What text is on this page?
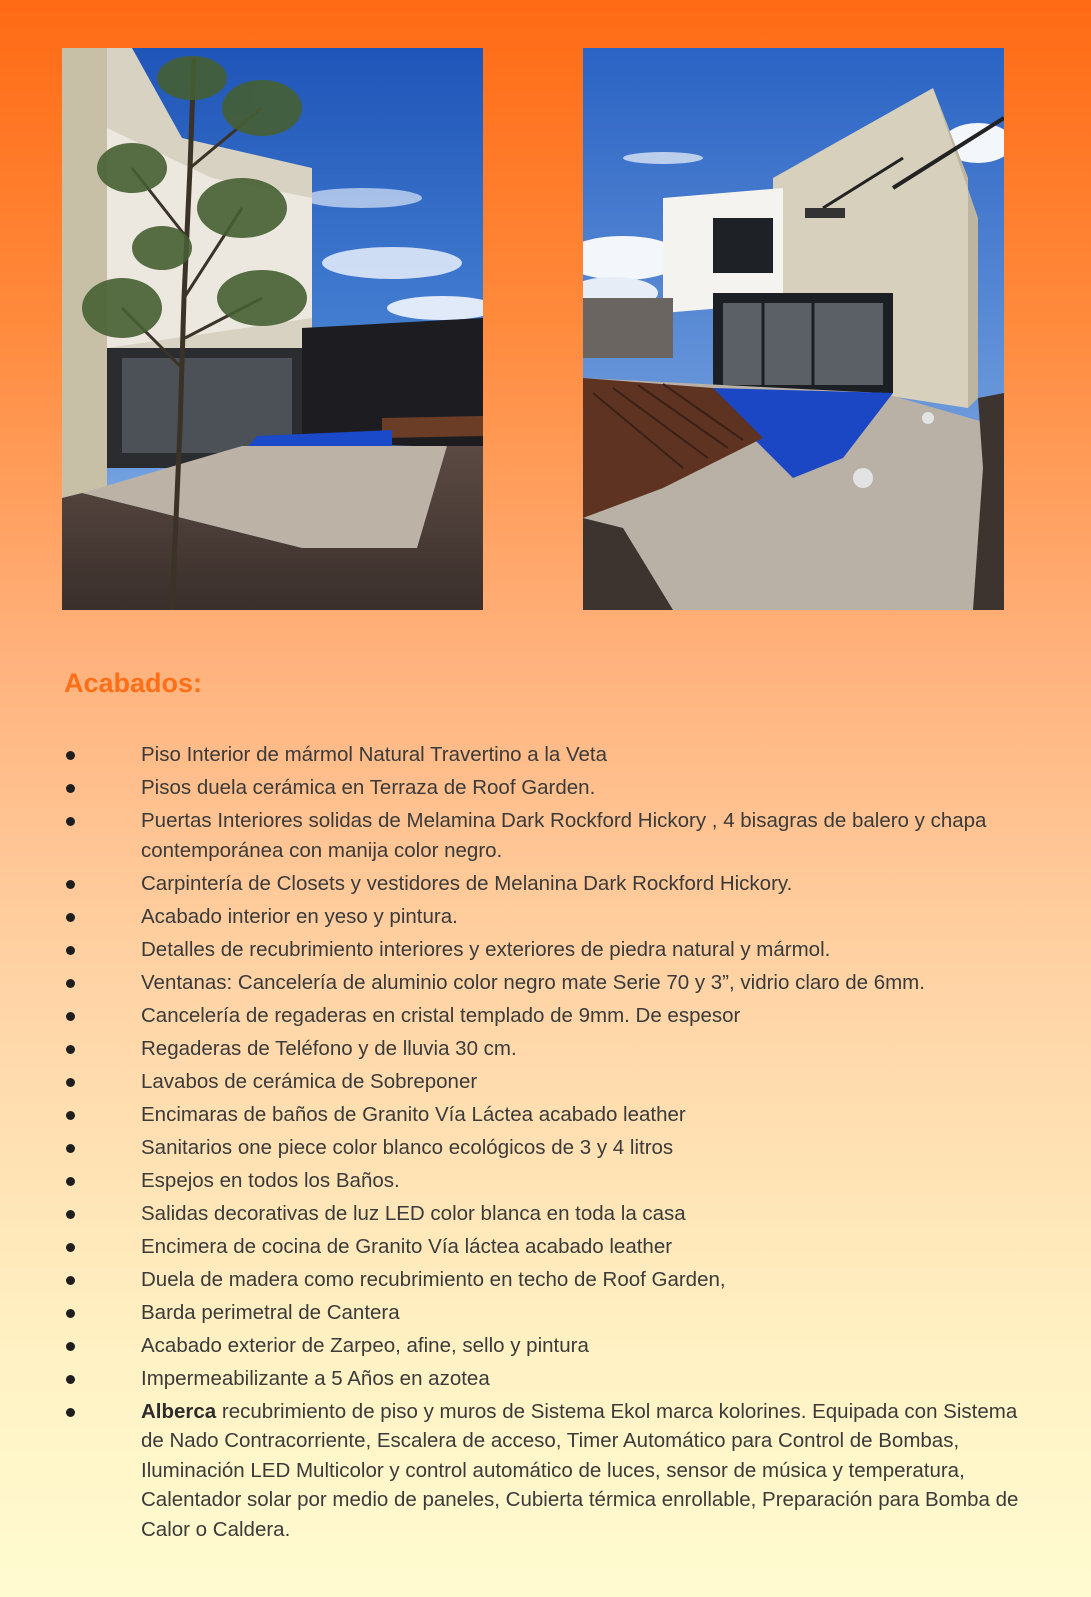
Acabados:
Piso Interior de mármol Natural Travertino a la Veta
Pisos duela cerámica en Terraza de Roof Garden.
Puertas Interiores solidas de Melamina Dark Rockford Hickory , 4 bisagras de balero y chapa contemporánea con manija color negro.
Carpintería de Closets y vestidores de Melanina Dark Rockford Hickory.
Acabado interior en yeso y pintura.
Detalles de recubrimiento interiores y exteriores de piedra natural y mármol.
Ventanas: Cancelería de aluminio color negro mate Serie 70 y 3”, vidrio claro de 6mm.
Cancelería de regaderas en cristal templado de 9mm. De espesor
Regaderas de Teléfono y de lluvia 30 cm.
Lavabos de cerámica de Sobreponer
Encimaras de baños de Granito Vía Láctea acabado leather
Sanitarios one piece color blanco ecológicos de 3 y 4 litros
Espejos en todos los Baños.
Salidas decorativas de luz LED color blanca en toda la casa
Encimera de cocina de Granito Vía láctea acabado leather
Duela de madera como recubrimiento en techo de Roof Garden,
Barda perimetral de Cantera
Acabado exterior de Zarpeo, afine, sello y pintura
Impermeabilizante a 5 Años en azotea
Alberca recubrimiento de piso y muros de Sistema Ekol marca kolorines. Equipada con Sistema de Nado Contracorriente, Escalera de acceso, Timer Automático para Control de Bombas, Iluminación LED Multicolor y control automático de luces, sensor de música y temperatura, Calentador solar por medio de paneles, Cubierta térmica enrollable, Preparación para Bomba de Calor o Caldera.
